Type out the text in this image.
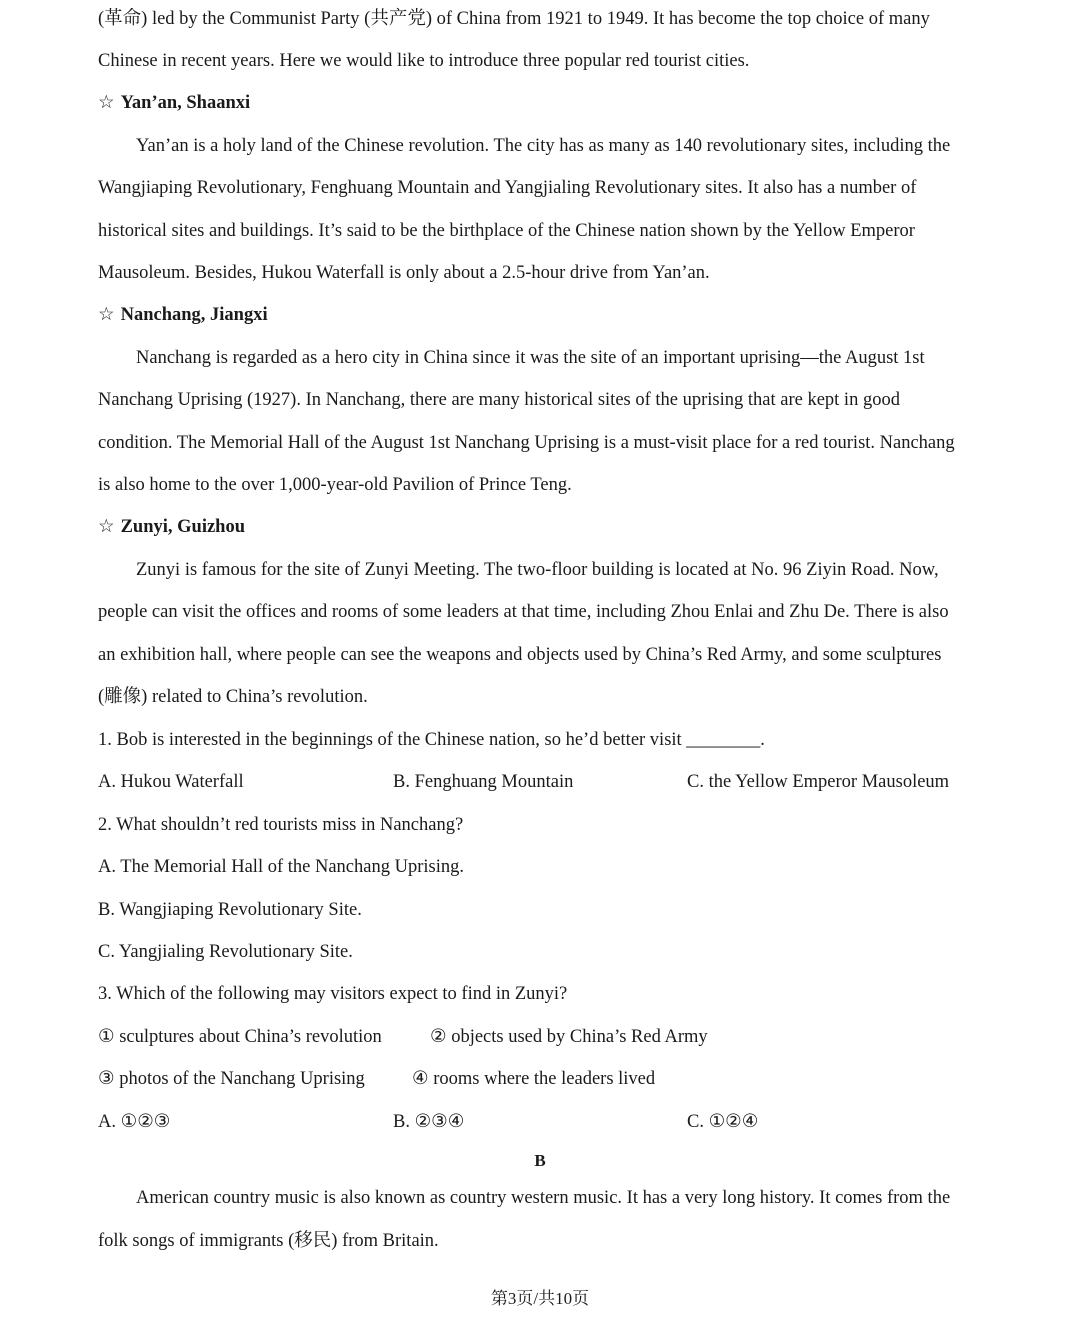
(革命) led by the Communist Party (共产党) of China from 1921 to 1949. It has become the top choice of many
Chinese in recent years. Here we would like to introduce three popular red tourist cities.
☆ Yan’an, Shaanxi
Yan’an is a holy land of the Chinese revolution. The city has as many as 140 revolutionary sites, including the
Wangjiaping Revolutionary, Fenghuang Mountain and Yangjialing Revolutionary sites. It also has a number of
historical sites and buildings. It’s said to be the birthplace of the Chinese nation shown by the Yellow Emperor
Mausoleum. Besides, Hukou Waterfall is only about a 2.5-hour drive from Yan’an.
☆ Nanchang, Jiangxi
Nanchang is regarded as a hero city in China since it was the site of an important uprising—the August 1st
Nanchang Uprising (1927). In Nanchang, there are many historical sites of the uprising that are kept in good
condition. The Memorial Hall of the August 1st Nanchang Uprising is a must-visit place for a red tourist. Nanchang
is also home to the over 1,000-year-old Pavilion of Prince Teng.
☆ Zunyi, Guizhou
Zunyi is famous for the site of Zunyi Meeting. The two-floor building is located at No. 96 Ziyin Road. Now,
people can visit the offices and rooms of some leaders at that time, including Zhou Enlai and Zhu De. There is also
an exhibition hall, where people can see the weapons and objects used by China’s Red Army, and some sculptures
(雕像) related to China’s revolution.
1. Bob is interested in the beginnings of the Chinese nation, so he’d better visit ________.
A. Hukou Waterfall	B. Fenghuang Mountain	C. the Yellow Emperor Mausoleum
2. What shouldn’t red tourists miss in Nanchang?
A. The Memorial Hall of the Nanchang Uprising.
B. Wangjiaping Revolutionary Site.
C. Yangjialing Revolutionary Site.
3. Which of the following may visitors expect to find in Zunyi?
① sculptures about China’s revolution	② objects used by China’s Red Army
③ photos of the Nanchang Uprising	④ rooms where the leaders lived
A. ①②③	B. ②③④	C. ①②④
B
American country music is also known as country western music. It has a very long history. It comes from the
folk songs of immigrants (移民) from Britain.
第3页/共10页
